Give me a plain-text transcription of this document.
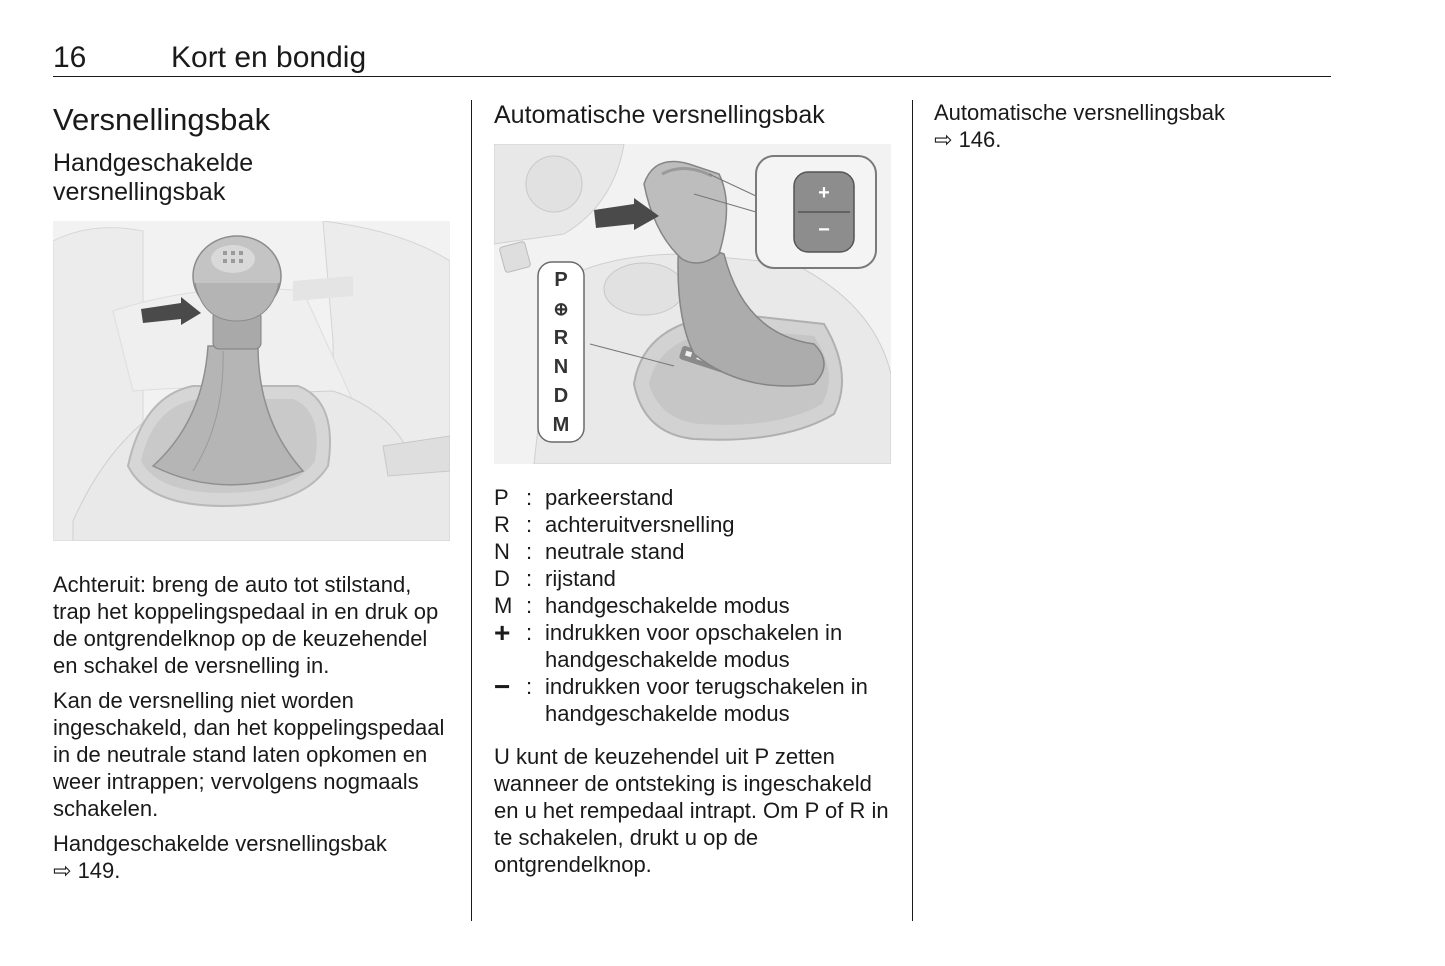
16	Kort en bondig
Versnellingsbak
Handgeschakelde
versnellingsbak

Achteruit: breng de auto tot stilstand, trap het koppelingspedaal in en druk op de ontgrendelknop op de keuzehendel en schakel de versnelling in.

Kan de versnelling niet worden ingeschakeld, dan het koppelingspedaal in de neutrale stand laten opkomen en weer intrappen; vervolgens nogmaals schakelen.

Handgeschakelde versnellingsbak
⇨ 149.

Automatische versnellingsbak
+
−
P
⊕
R
N
D
M
P : parkeerstand
R : achteruitversnelling
N : neutrale stand
D : rijstand
M : handgeschakelde modus
+ : indrukken voor opschakelen in handgeschakelde modus
− : indrukken voor terugschakelen in handgeschakelde modus

U kunt de keuzehendel uit P zetten wanneer de ontsteking is ingeschakeld en u het rempedaal intrapt. Om P of R in te schakelen, drukt u op de ontgrendelknop.

Automatische versnellingsbak
⇨ 146.
